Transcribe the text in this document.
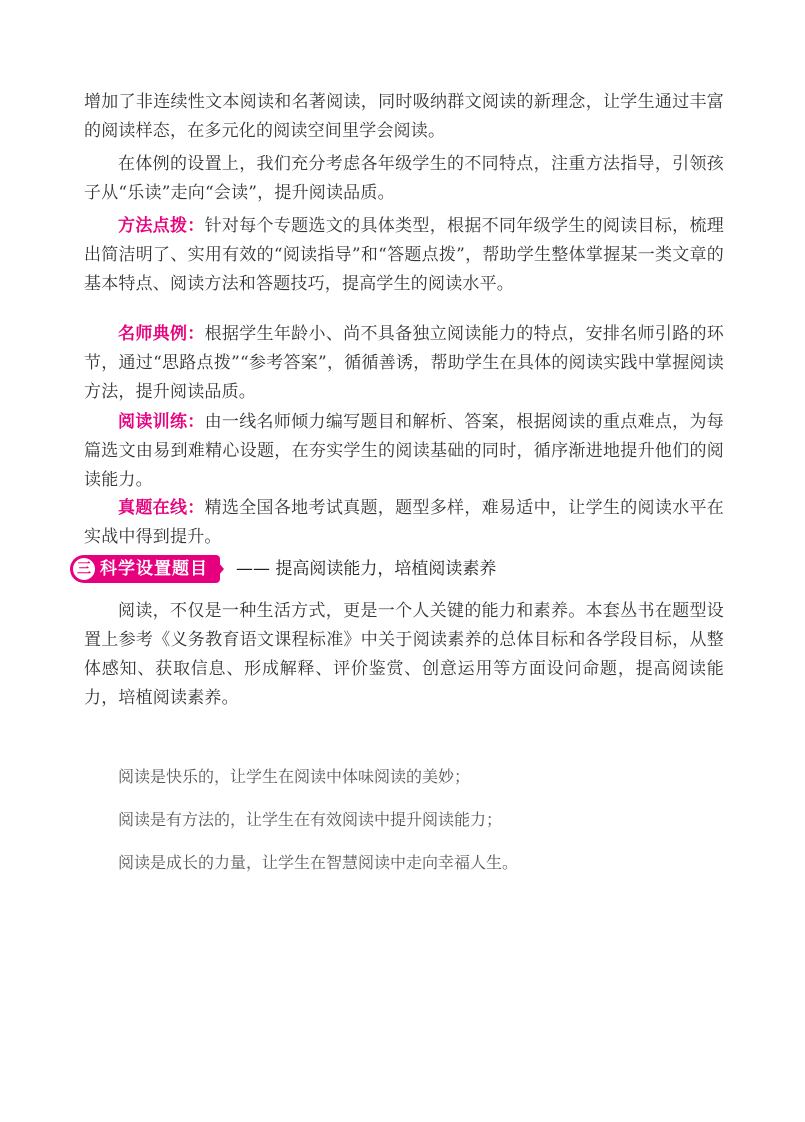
增加了非连续性文本阅读和名著阅读，同时吸纳群文阅读的新理念，让学生通过丰富的阅读样态，在多元化的阅读空间里学会阅读。

在体例的设置上，我们充分考虑各年级学生的不同特点，注重方法指导，引领孩子从“乐读”走向“会读”，提升阅读品质。

方法点拨：针对每个专题选文的具体类型，根据不同年级学生的阅读目标，梳理出简洁明了、实用有效的“阅读指导”和“答题点拨”，帮助学生整体掌握某一类文章的基本特点、阅读方法和答题技巧，提高学生的阅读水平。

名师典例：根据学生年龄小、尚不具备独立阅读能力的特点，安排名师引路的环节，通过“思路点拨”“参考答案”，循循善诱，帮助学生在具体的阅读实践中掌握阅读方法，提升阅读品质。

阅读训练：由一线名师倾力编写题目和解析、答案，根据阅读的重点难点，为每篇选文由易到难精心设题，在夯实学生的阅读基础的同时，循序渐进地提升他们的阅读能力。

真题在线：精选全国各地考试真题，题型多样，难易适中，让学生的阅读水平在实战中得到提升。

三 科学设置题目 —— 提高阅读能力，培植阅读素养

阅读，不仅是一种生活方式，更是一个人关键的能力和素养。本套丛书在题型设置上参考《义务教育语文课程标准》中关于阅读素养的总体目标和各学段目标，从整体感知、获取信息、形成解释、评价鉴赏、创意运用等方面设问命题，提高阅读能力，培植阅读素养。

阅读是快乐的，让学生在阅读中体味阅读的美妙；

阅读是有方法的，让学生在有效阅读中提升阅读能力；

阅读是成长的力量，让学生在智慧阅读中走向幸福人生。
